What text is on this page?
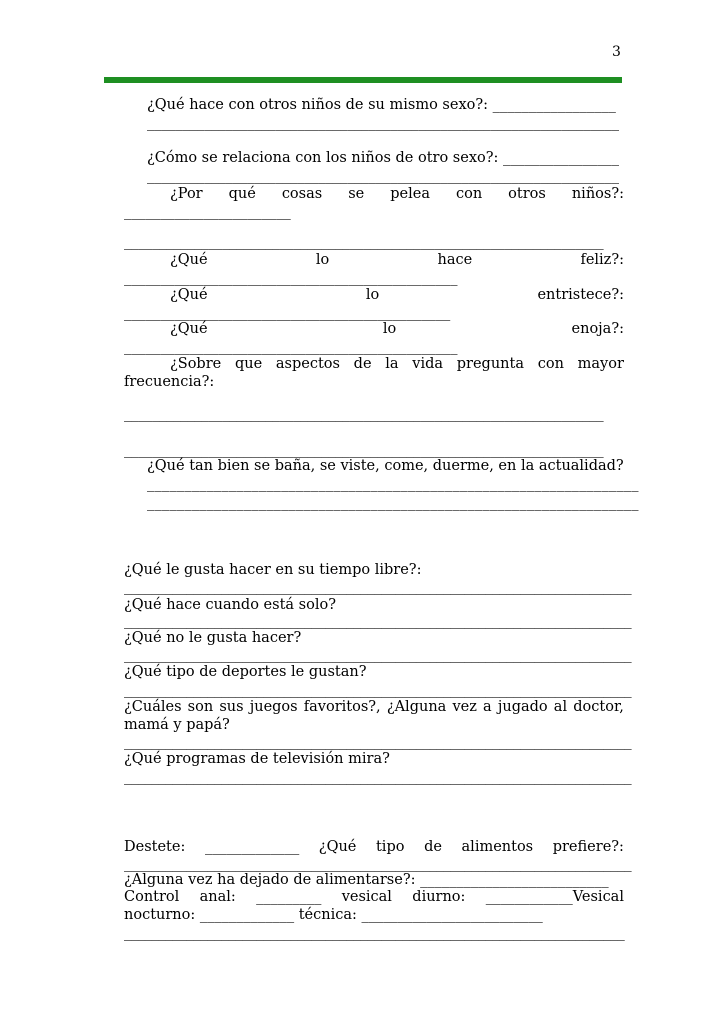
3
¿Qué hace con otros niños de su mismo sexo?: _________________
__________________________________________________________________
¿Cómo se relaciona con los niños de otro sexo?: ________________
__________________________________________________________________
¿Por qué cosas se pelea con otros niños?:
_______________________
____________________________________________________________________
¿Qué	lo	hace	feliz?:
______________________________________________
¿Qué	lo	entristece?:
_____________________________________________
¿Qué	lo	enoja?:
______________________________________________
¿Sobre que aspectos de la vida pregunta con mayor
frecuencia?:
____________________________________________________________________
____________________________________________________________________
¿Qué tan bien se baña, se viste, come, duerme, en la actualidad?
__________________________________________________________________
__________________________________________________________________

¿Qué le gusta hacer en su tiempo libre?:
_________________________________________________________________________
¿Qué hace cuando está solo?
_________________________________________________________________________
¿Qué no le gusta hacer?
_________________________________________________________________________
¿Qué tipo de deportes le gustan?
_________________________________________________________________________
¿Cuáles son sus juegos favoritos?, ¿Alguna vez a jugado al doctor,
mamá y papá?
_________________________________________________________________________
¿Qué programas de televisión mira?
_________________________________________________________________________

Destete: _____________ ¿Qué tipo de alimentos prefiere?:
_________________________________________________________________________
¿Alguna vez ha dejado de alimentarse?: __________________________
Control anal: _________ vesical diurno: ____________Vesical
nocturno: _____________ técnica: _________________________
________________________________________________________________________
